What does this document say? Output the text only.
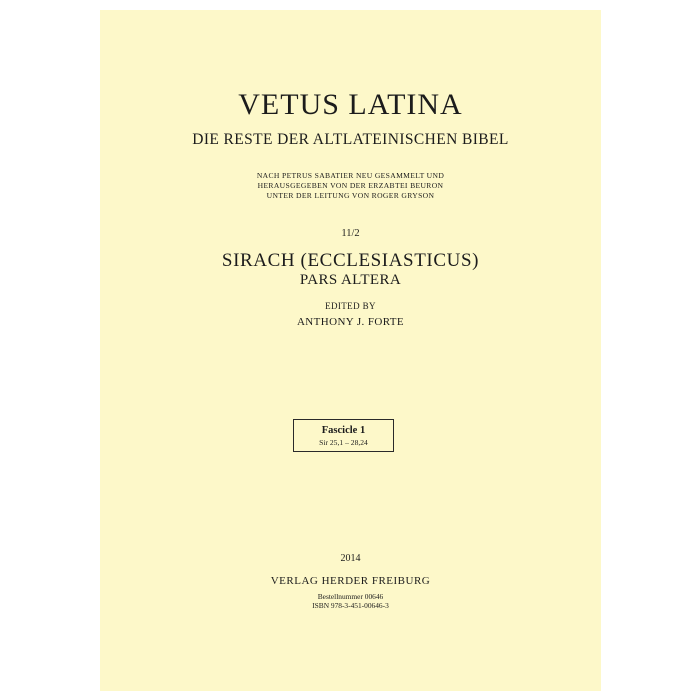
VETUS LATINA
DIE RESTE DER ALTLATEINISCHEN BIBEL
NACH PETRUS SABATIER NEU GESAMMELT UND
HERAUSGEGEBEN VON DER ERZABTEI BEURON
UNTER DER LEITUNG VON ROGER GRYSON
11/2
SIRACH (ECCLESIASTICUS)
PARS ALTERA
EDITED BY
ANTHONY J. FORTE
Fascicle 1
Sir 25,1 – 28,24
2014
VERLAG HERDER FREIBURG
Bestellnummer 00646
ISBN 978-3-451-00646-3
